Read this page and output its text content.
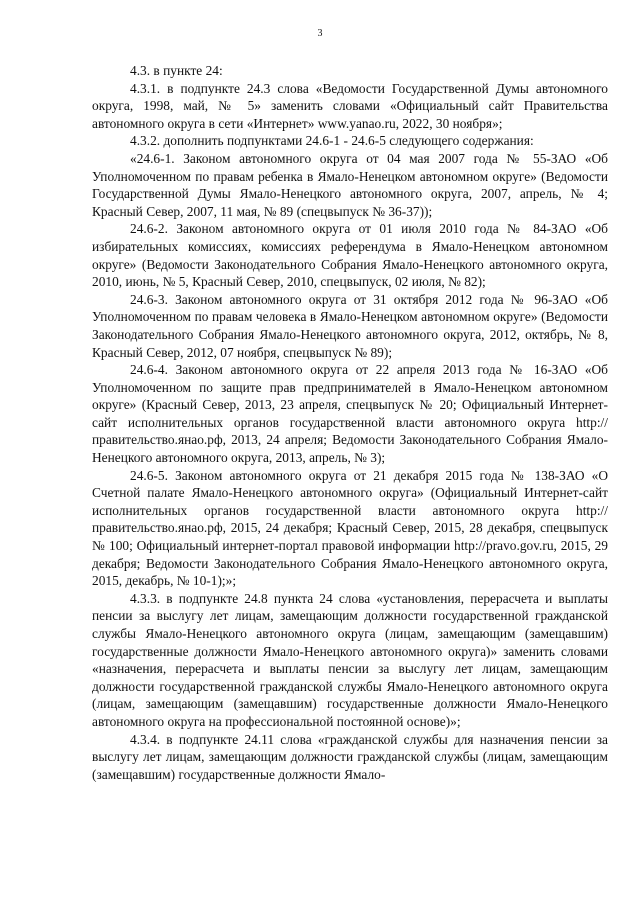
3

4.3. в пункте 24:

4.3.1. в подпункте 24.3 слова «Ведомости Государственной Думы автономного округа, 1998, май, № 5» заменить словами «Официальный сайт Правительства автономного округа в сети «Интернет» www.yanao.ru, 2022, 30 ноября»;

4.3.2. дополнить подпунктами 24.6-1 - 24.6-5 следующего содержания:

«24.6-1. Законом автономного округа от 04 мая 2007 года № 55-ЗАО «Об Уполномоченном по правам ребенка в Ямало-Ненецком автономном округе» (Ведомости Государственной Думы Ямало-Ненецкого автономного округа, 2007, апрель, № 4; Красный Север, 2007, 11 мая, № 89 (спецвыпуск № 36-37));

24.6-2. Законом автономного округа от 01 июля 2010 года № 84-ЗАО «Об избирательных комиссиях, комиссиях референдума в Ямало-Ненецком автономном округе» (Ведомости Законодательного Собрания Ямало-Ненецкого автономного округа, 2010, июнь, № 5, Красный Север, 2010, спецвыпуск, 02 июля, № 82);

24.6-3. Законом автономного округа от 31 октября 2012 года № 96-ЗАО «Об Уполномоченном по правам человека в Ямало-Ненецком автономном округе» (Ведомости Законодательного Собрания Ямало-Ненецкого автономного округа, 2012, октябрь, № 8, Красный Север, 2012, 07 ноября, спецвыпуск № 89);

24.6-4. Законом автономного округа от 22 апреля 2013 года № 16-ЗАО «Об Уполномоченном по защите прав предпринимателей в Ямало-Ненецком автономном округе» (Красный Север, 2013, 23 апреля, спецвыпуск № 20; Официальный Интернет-сайт исполнительных органов государственной власти автономного округа http://правительство.янао.рф, 2013, 24 апреля; Ведомости Законодательного Собрания Ямало-Ненецкого автономного округа, 2013, апрель, № 3);

24.6-5. Законом автономного округа от 21 декабря 2015 года № 138-ЗАО «О Счетной палате Ямало-Ненецкого автономного округа» (Официальный Интернет-сайт исполнительных органов государственной власти автономного округа http://правительство.янао.рф, 2015, 24 декабря; Красный Север, 2015, 28 декабря, спецвыпуск № 100; Официальный интернет-портал правовой информации http://pravo.gov.ru, 2015, 29 декабря; Ведомости Законодательного Собрания Ямало-Ненецкого автономного округа, 2015, декабрь, № 10-1);»;

4.3.3. в подпункте 24.8 пункта 24 слова «установления, перерасчета и выплаты пенсии за выслугу лет лицам, замещающим должности государственной гражданской службы Ямало-Ненецкого автономного округа (лицам, замещающим (замещавшим) государственные должности Ямало-Ненецкого автономного округа)» заменить словами «назначения, перерасчета и выплаты пенсии за выслугу лет лицам, замещающим должности государственной гражданской службы Ямало-Ненецкого автономного округа (лицам, замещающим (замещавшим) государственные должности Ямало-Ненецкого автономного округа на профессиональной постоянной основе)»;

4.3.4. в подпункте 24.11 слова «гражданской службы для назначения пенсии за выслугу лет лицам, замещающим должности гражданской службы (лицам, замещающим (замещавшим) государственные должности Ямало-
